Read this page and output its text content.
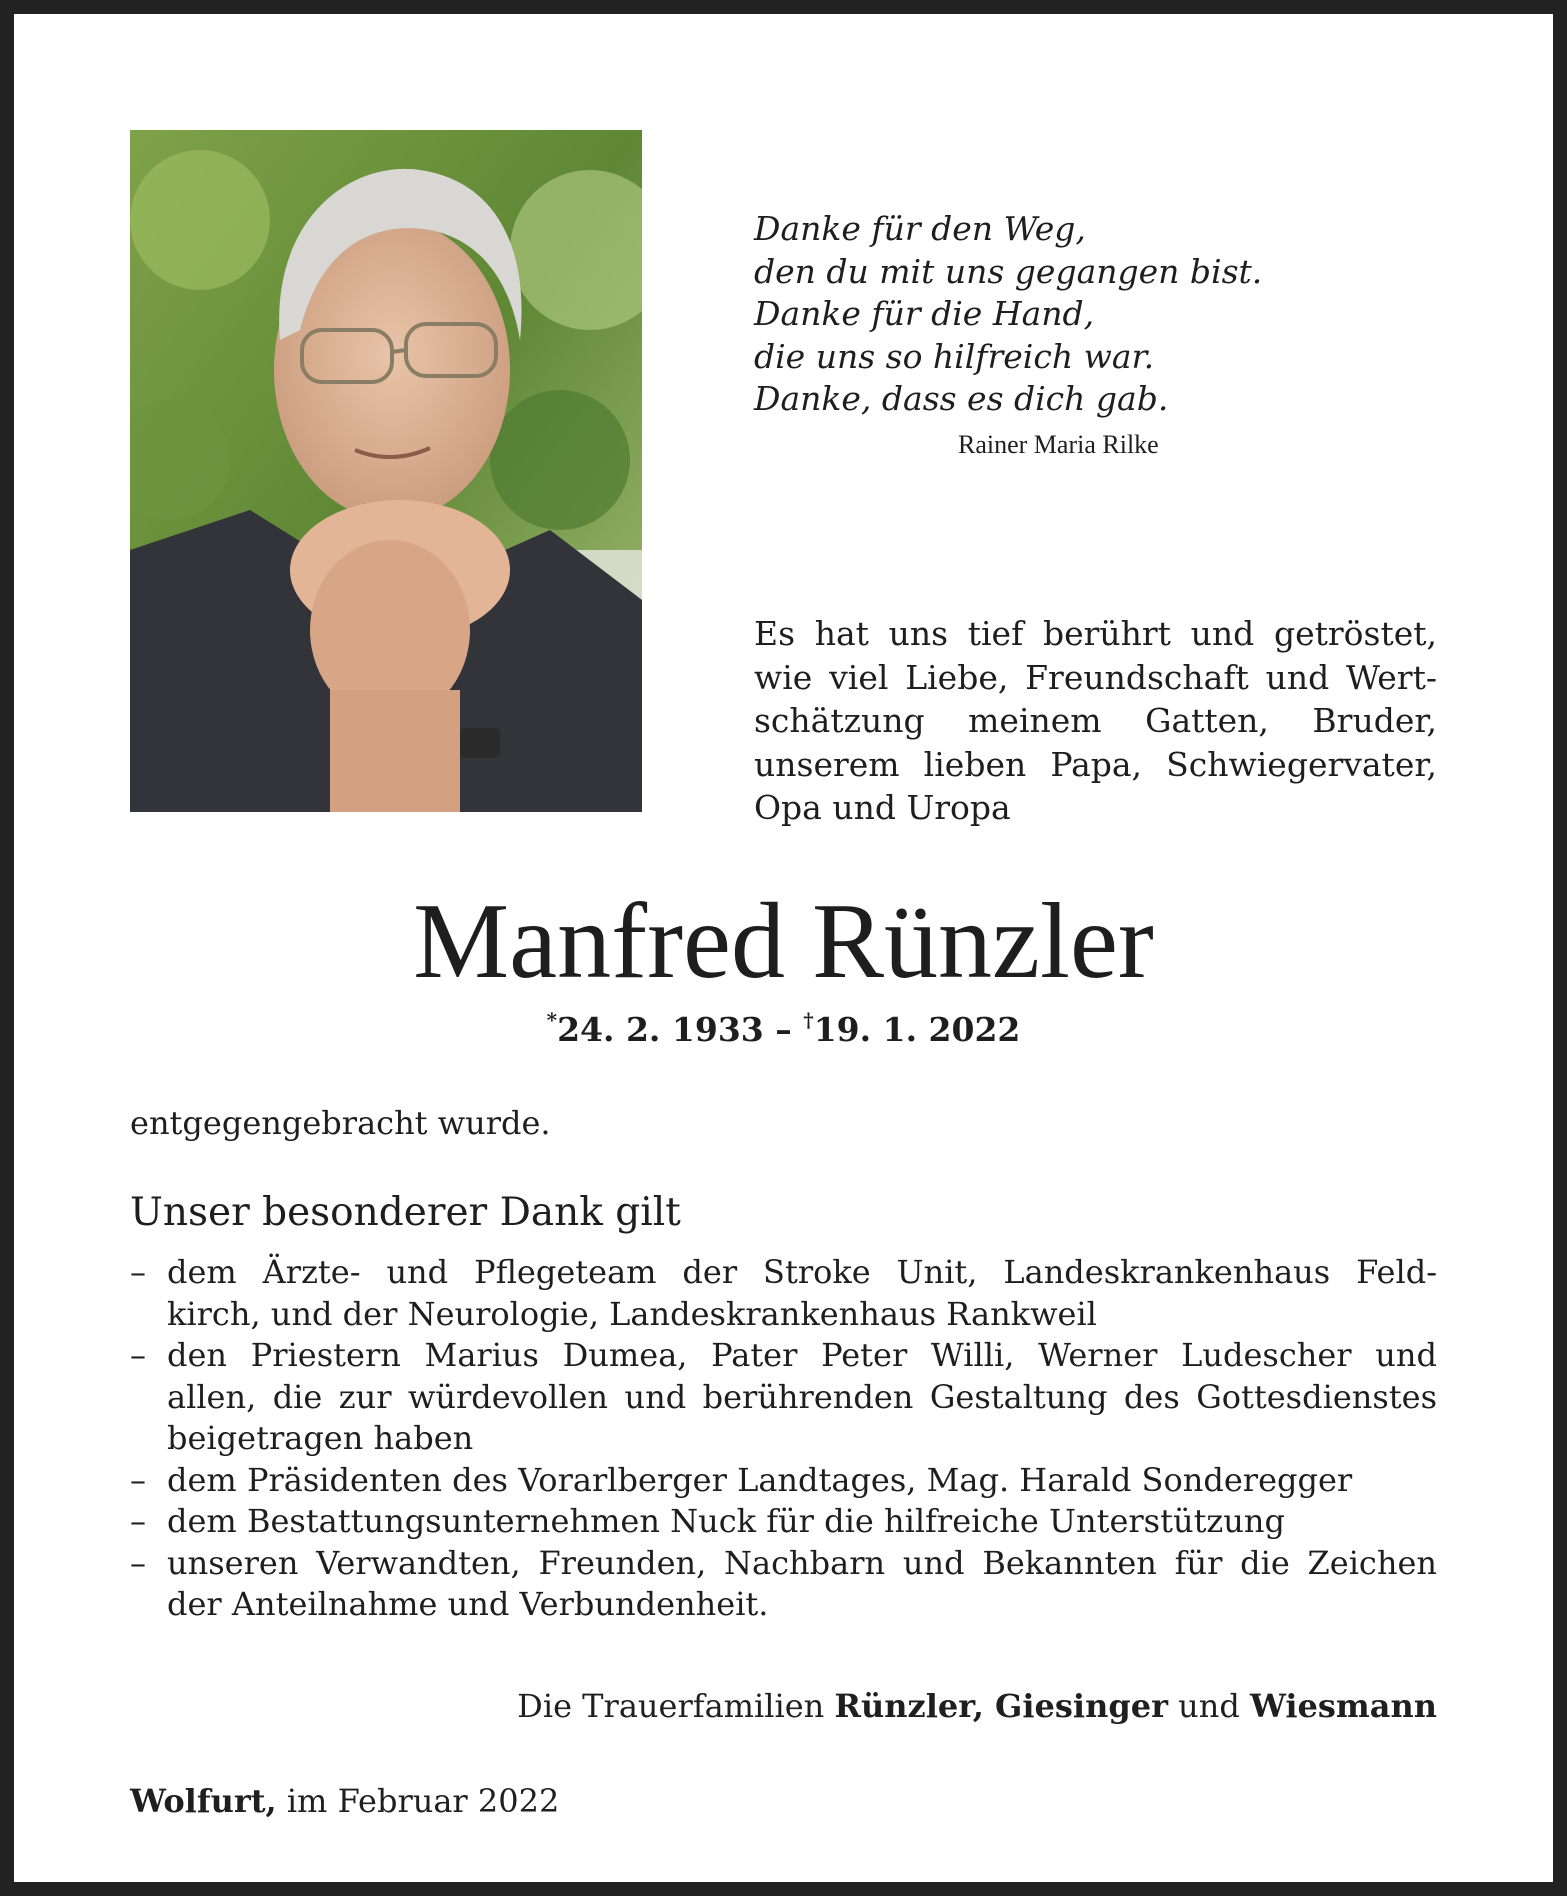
Danke für den Weg,
den du mit uns gegangen bist.
Danke für die Hand,
die uns so hilfreich war.
Danke, dass es dich gab.
Rainer Maria Rilke
Es hat uns tief berührt und getröstet,
wie viel Liebe, Freundschaft und Wert-
schätzung meinem Gatten, Bruder,
unserem lieben Papa, Schwiegervater,
Opa und Uropa
Manfred Rünzler
*24. 2. 1933 – †19. 1. 2022
entgegengebracht wurde.
Unser besonderer Dank gilt
– dem Ärzte- und Pflegeteam der Stroke Unit, Landeskrankenhaus Feld-
kirch, und der Neurologie, Landeskrankenhaus Rankweil
– den Priestern Marius Dumea, Pater Peter Willi, Werner Ludescher und
allen, die zur würdevollen und berührenden Gestaltung des Gottesdienstes
beigetragen haben
– dem Präsidenten des Vorarlberger Landtages, Mag. Harald Sonderegger
– dem Bestattungsunternehmen Nuck für die hilfreiche Unterstützung
– unseren Verwandten, Freunden, Nachbarn und Bekannten für die Zeichen
der Anteilnahme und Verbundenheit.
Die Trauerfamilien Rünzler, Giesinger und Wiesmann
Wolfurt, im Februar 2022
